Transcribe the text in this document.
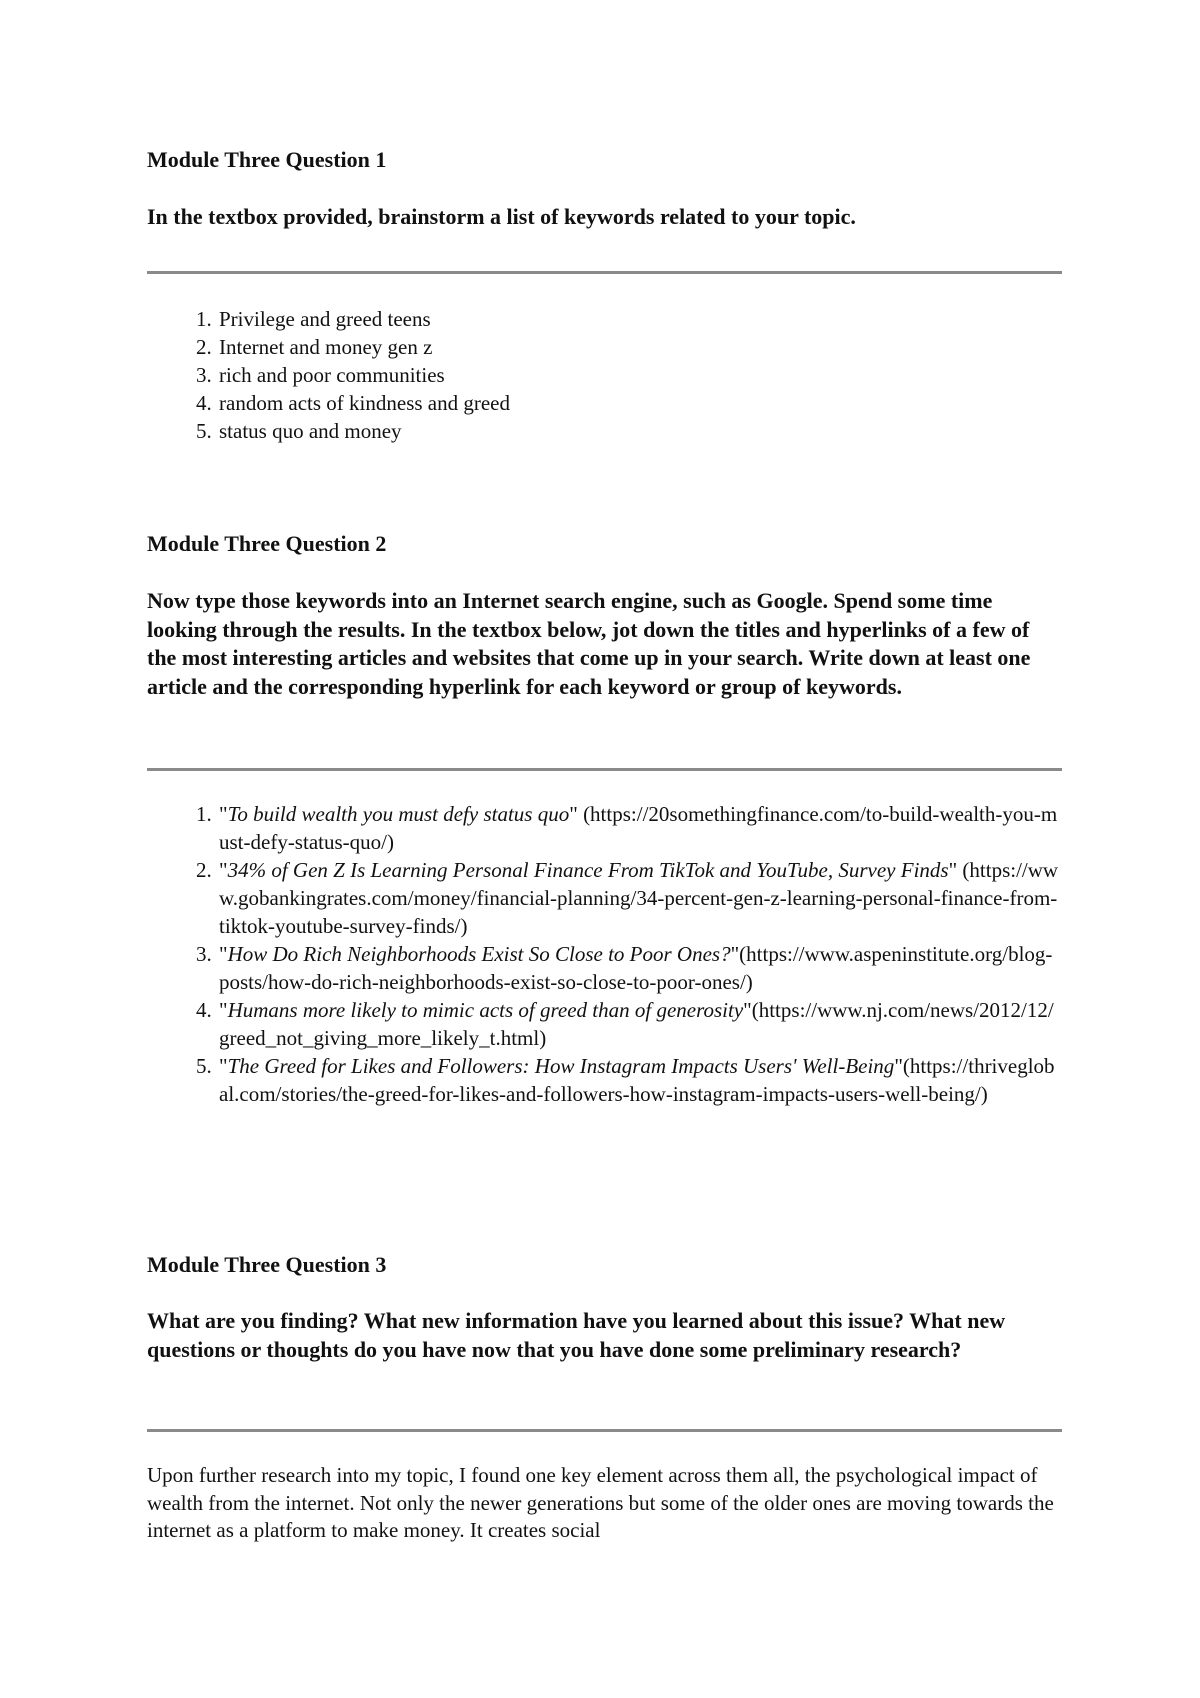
Module Three Question 1

In the textbox provided, brainstorm a list of keywords related to your topic.

1. Privilege and greed teens
2. Internet and money gen z
3. rich and poor communities
4. random acts of kindness and greed
5. status quo and money
Module Three Question 2

Now type those keywords into an Internet search engine, such as Google. Spend some time looking through the results. In the textbox below, jot down the titles and hyperlinks of a few of the most interesting articles and websites that come up in your search. Write down at least one article and the corresponding hyperlink for each keyword or group of keywords.

1. "To build wealth you must defy status quo" (https://20somethingfinance.com/to-build-wealth-you-must-defy-status-quo/)
2. "34% of Gen Z Is Learning Personal Finance From TikTok and YouTube, Survey Finds" (https://www.gobankingrates.com/money/financial-planning/34-percent-gen-z-learning-personal-finance-from-tiktok-youtube-survey-finds/)
3. "How Do Rich Neighborhoods Exist So Close to Poor Ones?"(https://www.aspeninstitute.org/blog-posts/how-do-rich-neighborhoods-exist-so-close-to-poor-ones/)
4. "Humans more likely to mimic acts of greed than of generosity"(https://www.nj.com/news/2012/12/greed_not_giving_more_likely_t.html)
5. "The Greed for Likes and Followers: How Instagram Impacts Users' Well-Being"(https://thriveglobal.com/stories/the-greed-for-likes-and-followers-how-instagram-impacts-users-well-being/)
Module Three Question 3

What are you finding? What new information have you learned about this issue? What new questions or thoughts do you have now that you have done some preliminary research?

Upon further research into my topic, I found one key element across them all, the psychological impact of wealth from the internet. Not only the newer generations but some of the older ones are moving towards the internet as a platform to make money. It creates social
